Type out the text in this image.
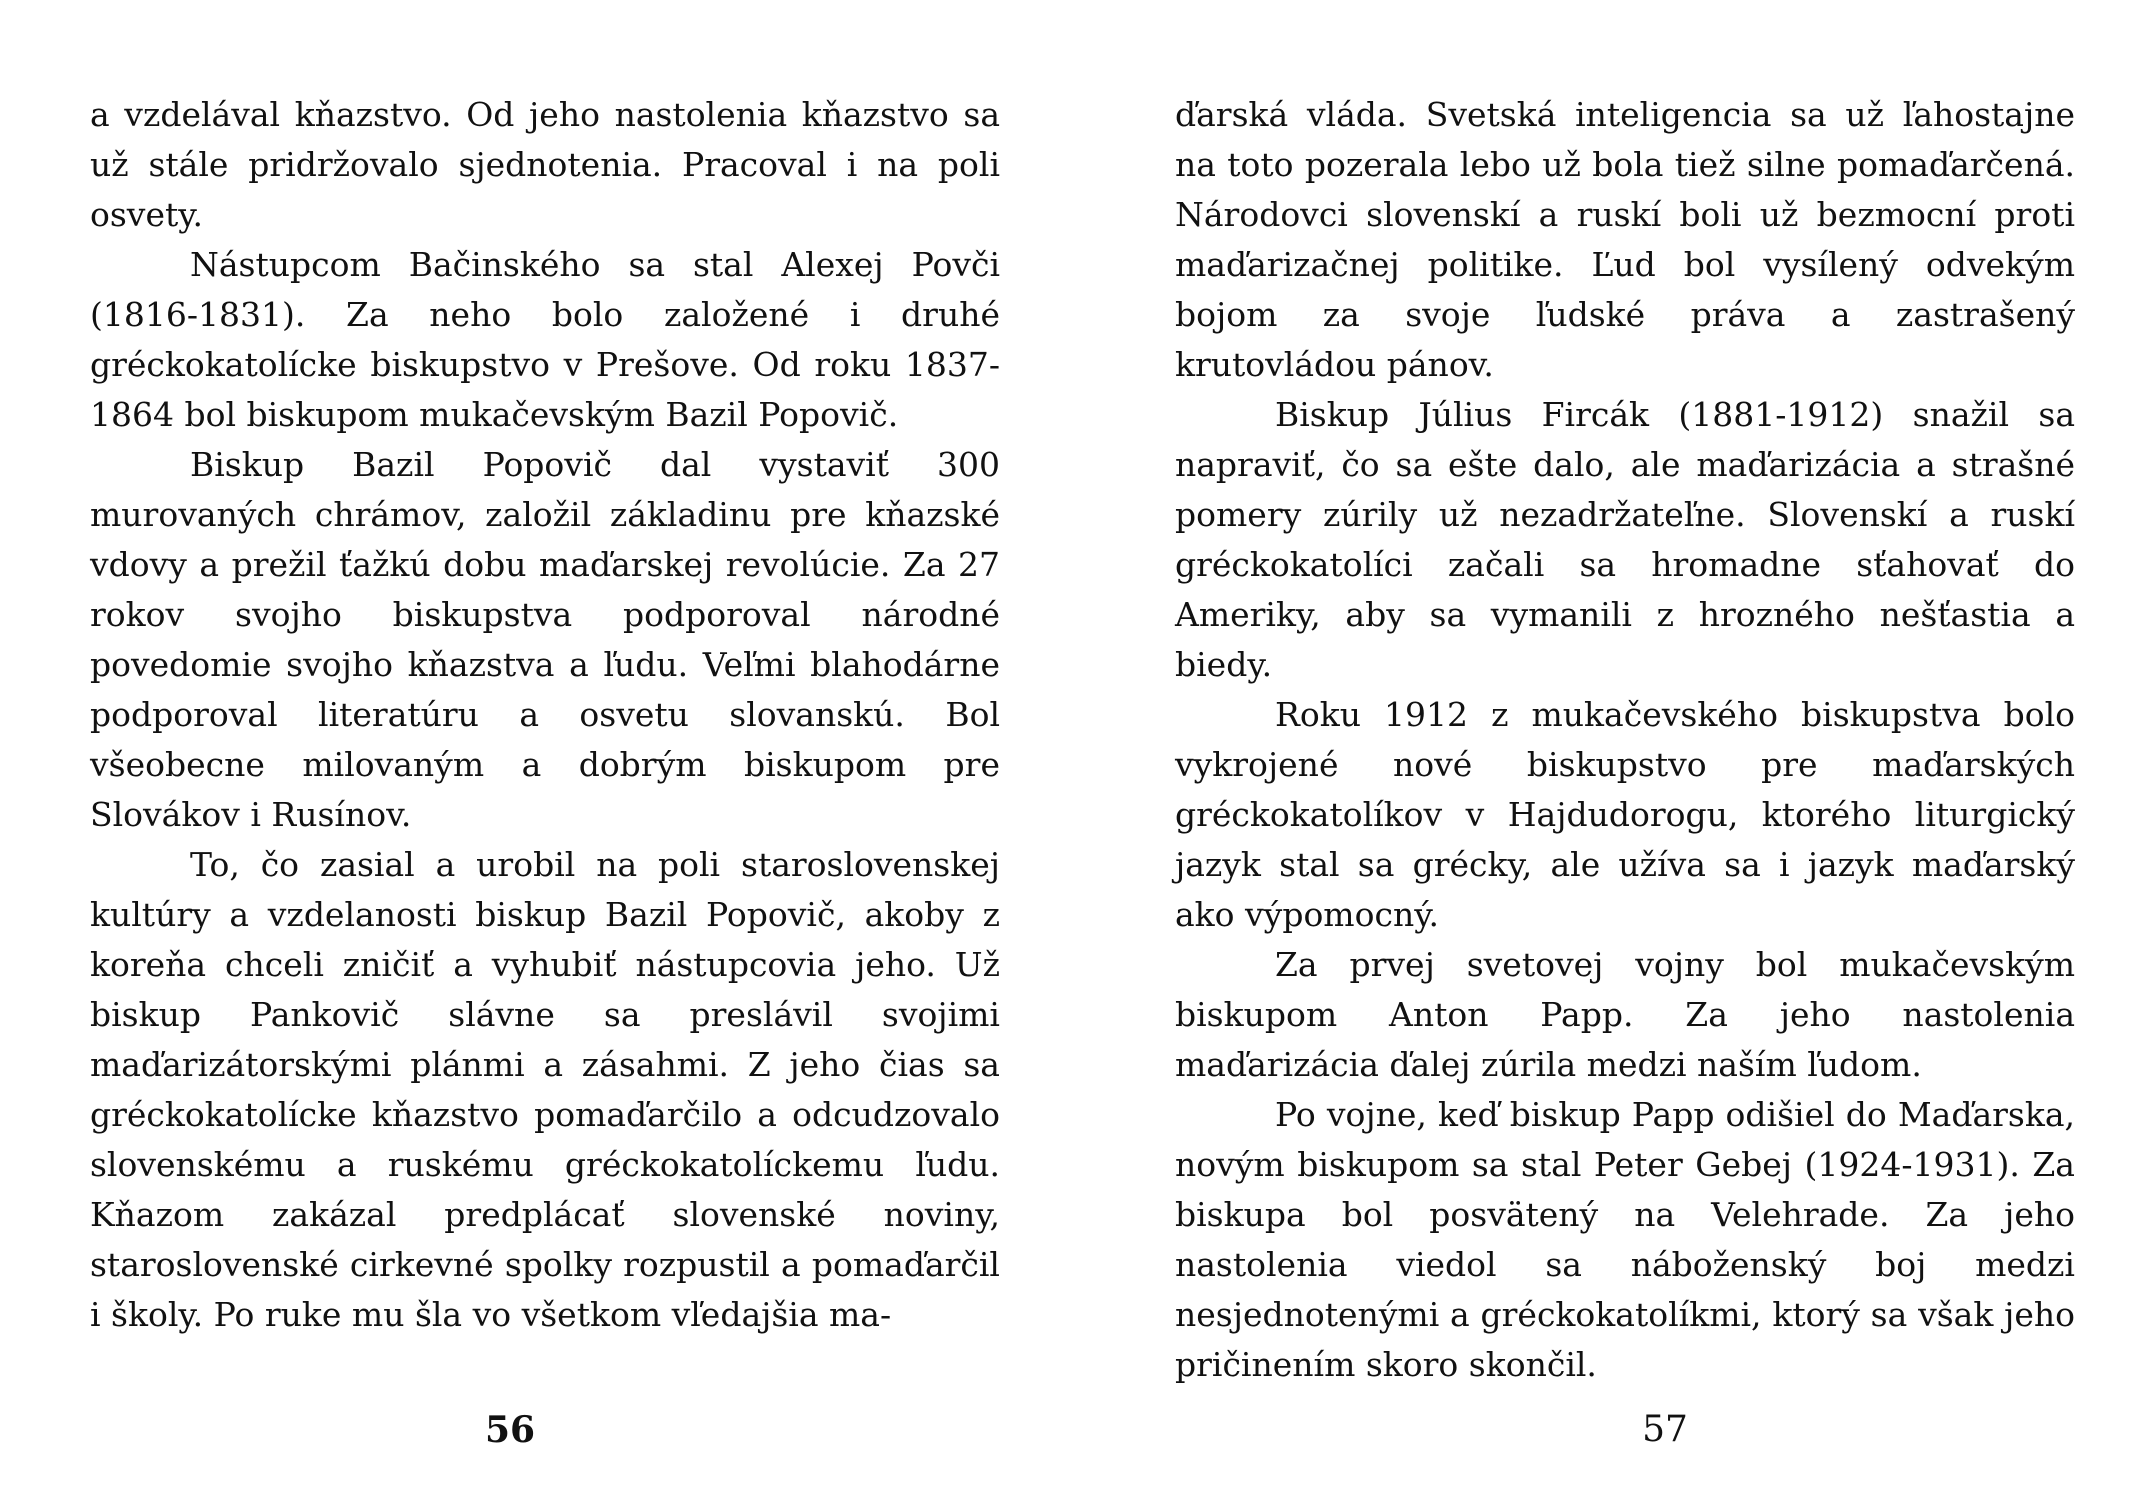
a vzdelával kňazstvo. Od jeho nastolenia kňazstvo sa už stále pridržovalo sjednotenia. Pracoval i na poli osvety.

Nástupcom Bačinského sa stal Alexej Povči (1816-1831). Za neho bolo založené i druhé gréckokatolícke biskupstvo v Prešove. Od roku 1837-1864 bol biskupom mukačevským Bazil Popovič.

Biskup Bazil Popovič dal vystaviť 300 murovaných chrámov, založil základinu pre kňazské vdovy a prežil ťažkú dobu maďarskej revolúcie. Za 27 rokov svojho biskupstva podporoval národné povedomie svojho kňazstva a ľudu. Veľmi blahodárne podporoval literatúru a osvetu slovanskú. Bol všeobecne milovaným a dobrým biskupom pre Slovákov i Rusínov.

To, čo zasial a urobil na poli staroslovenskej kultúry a vzdelanosti biskup Bazil Popovič, akoby z koreňa chceli zničiť a vyhubiť nástupcovia jeho. Už biskup Pankovič slávne sa preslávil svojimi maďarizátorskými plánmi a zásahmi. Z jeho čias sa gréckokatolícke kňazstvo pomaďarčilo a odcudzovalo slovenskému a ruskému gréckokatolíckemu ľudu. Kňazom zakázal predplácať slovenské noviny, staroslovenské cirkevné spolky rozpustil a pomaďarčil i školy. Po ruke mu šla vo všetkom vľedajšia ma-

56

ďarská vláda. Svetská inteligencia sa už ľahostajne na toto pozerala lebo už bola tiež silne pomaďarčená. Národovci slovenskí a ruskí boli už bezmocní proti maďarizačnej politike. Ľud bol vysílený odvekým bojom za svoje ľudské práva a zastrašený krutovládou pánov.

Biskup Július Fircák (1881-1912) snažil sa napraviť, čo sa ešte dalo, ale maďarizácia a strašné pomery zúrily už nezadržateľne. Slovenskí a ruskí gréckokatolíci začali sa hromadne sťahovať do Ameriky, aby sa vymanili z hrozného nešťastia a biedy.

Roku 1912 z mukačevského biskupstva bolo vykrojené nové biskupstvo pre maďarských gréckokatolíkov v Hajdudorogu, ktorého liturgický jazyk stal sa grécky, ale užíva sa i jazyk maďarský ako výpomocný.

Za prvej svetovej vojny bol mukačevským biskupom Anton Papp. Za jeho nastolenia maďarizácia ďalej zúrila medzi naším ľudom.

Po vojne, keď biskup Papp odišiel do Maďarska, novým biskupom sa stal Peter Gebej (1924-1931). Za biskupa bol posvätený na Velehrade. Za jeho nastolenia viedol sa náboženský boj medzi nesjednotenými a gréckokatolíkmi, ktorý sa však jeho pričinením skoro skončil.

57
